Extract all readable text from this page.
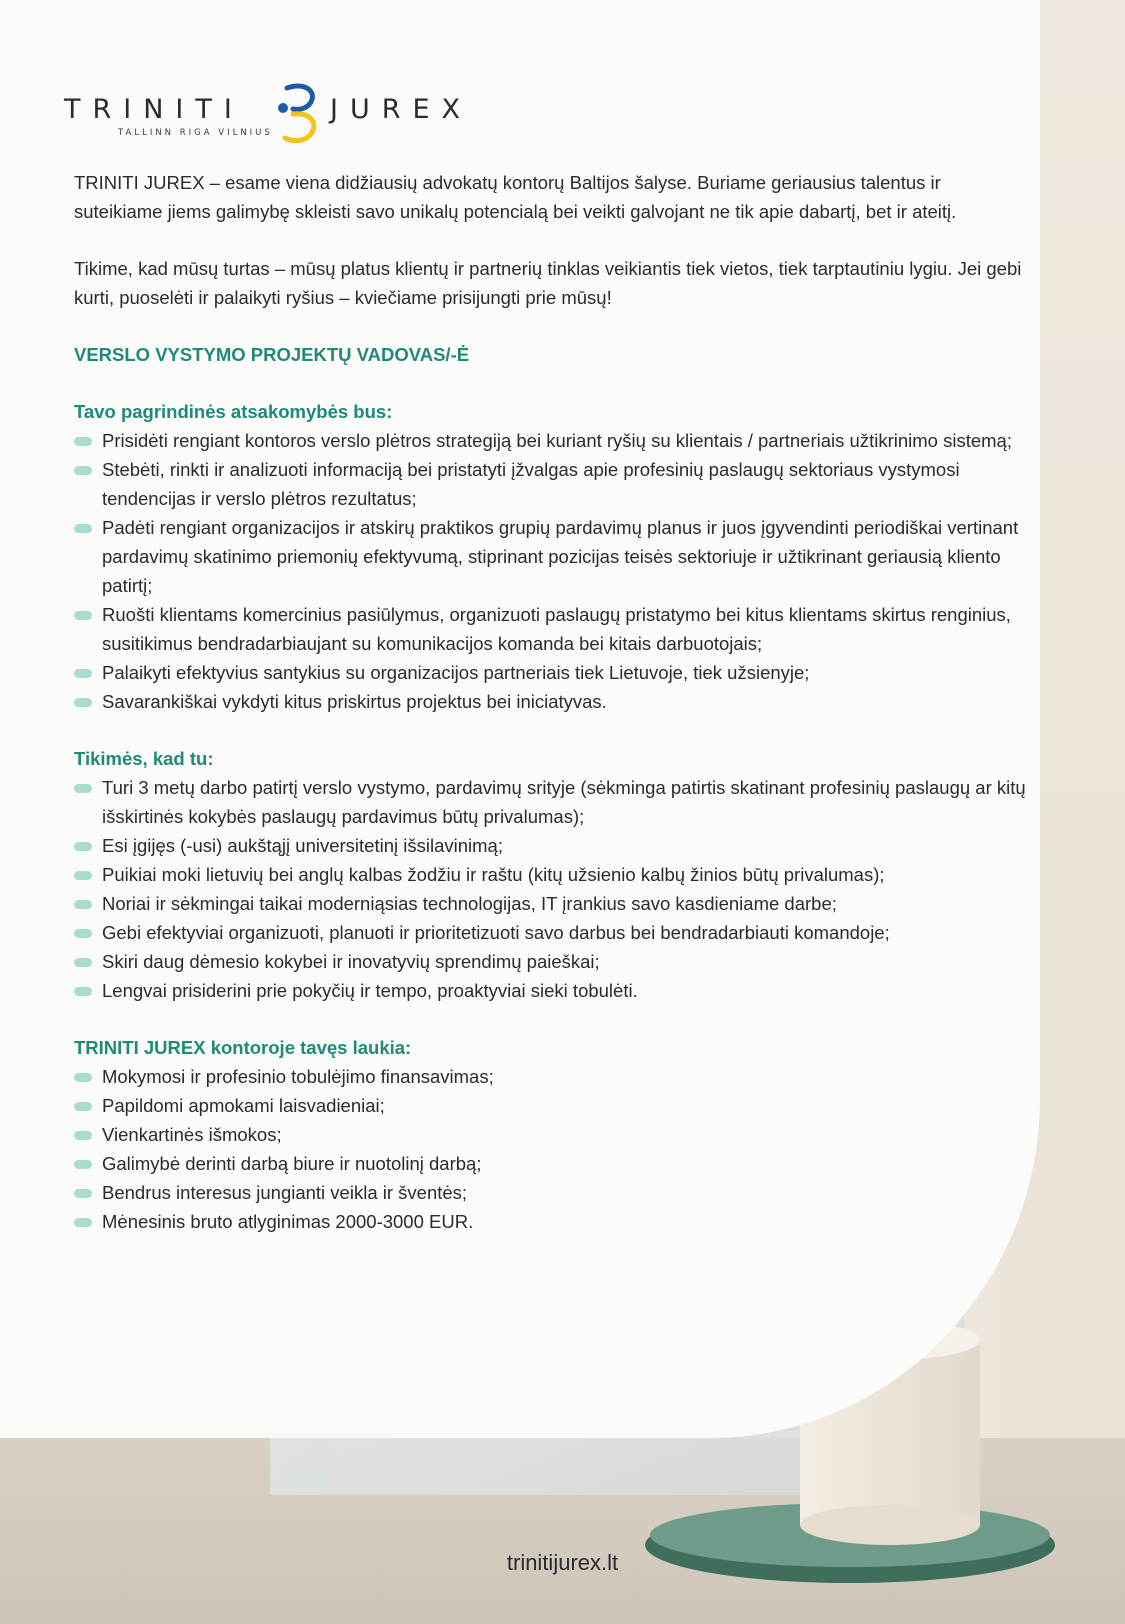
TRINITI	JUREX
TALLINN RIGA VILNIUS

TRINITI JUREX – esame viena didžiausių advokatų kontorų Baltijos šalyse. Buriame geriausius talentus ir suteikiame jiems galimybę skleisti savo unikalų potencialą bei veikti galvojant ne tik apie dabartį, bet ir ateitį.

Tikime, kad mūsų turtas – mūsų platus klientų ir partnerių tinklas veikiantis tiek vietos, tiek tarptautiniu lygiu. Jei gebi kurti, puoselėti ir palaikyti ryšius – kviečiame prisijungti prie mūsų!

VERSLO VYSTYMO PROJEKTŲ VADOVAS/-Ė
Tavo pagrindinės atsakomybės bus:
Prisidėti rengiant kontoros verslo plėtros strategiją bei kuriant ryšių su klientais / partneriais užtikrinimo sistemą;
Stebėti, rinkti ir analizuoti informaciją bei pristatyti įžvalgas apie profesinių paslaugų sektoriaus vystymosi tendencijas ir verslo plėtros rezultatus;
Padėti rengiant organizacijos ir atskirų praktikos grupių pardavimų planus ir juos įgyvendinti periodiškai vertinant pardavimų skatinimo priemonių efektyvumą, stiprinant pozicijas teisės sektoriuje ir užtikrinant geriausią kliento patirtį;
Ruošti klientams komercinius pasiūlymus, organizuoti paslaugų pristatymo bei kitus klientams skirtus renginius, susitikimus bendradarbiaujant su komunikacijos komanda bei kitais darbuotojais;
Palaikyti efektyvius santykius su organizacijos partneriais tiek Lietuvoje, tiek užsienyje;
Savarankiškai vykdyti kitus priskirtus projektus bei iniciatyvas.
Tikimės, kad tu:
Turi 3 metų darbo patirtį verslo vystymo, pardavimų srityje (sėkminga patirtis skatinant profesinių paslaugų ar kitų išskirtinės kokybės paslaugų pardavimus būtų privalumas);
Esi įgijęs (-usi) aukštąjį universitetinį išsilavinimą;
Puikiai moki lietuvių bei anglų kalbas žodžiu ir raštu (kitų užsienio kalbų žinios būtų privalumas);
Noriai ir sėkmingai taikai moderniąsias technologijas, IT įrankius savo kasdieniame darbe;
Gebi efektyviai organizuoti, planuoti ir prioritetizuoti savo darbus bei bendradarbiauti komandoje;
Skiri daug dėmesio kokybei ir inovatyvių sprendimų paieškai;
Lengvai prisiderini prie pokyčių ir tempo, proaktyviai sieki tobulėti.
TRINITI JUREX kontoroje tavęs laukia:
Mokymosi ir profesinio tobulėjimo finansavimas;
Papildomi apmokami laisvadieniai;
Vienkartinės išmokos;
Galimybė derinti darbą biure ir nuotolinį darbą;
Bendrus interesus jungianti veikla ir šventės;
Mėnesinis bruto atlyginimas 2000-3000 EUR.
trinitijurex.lt
